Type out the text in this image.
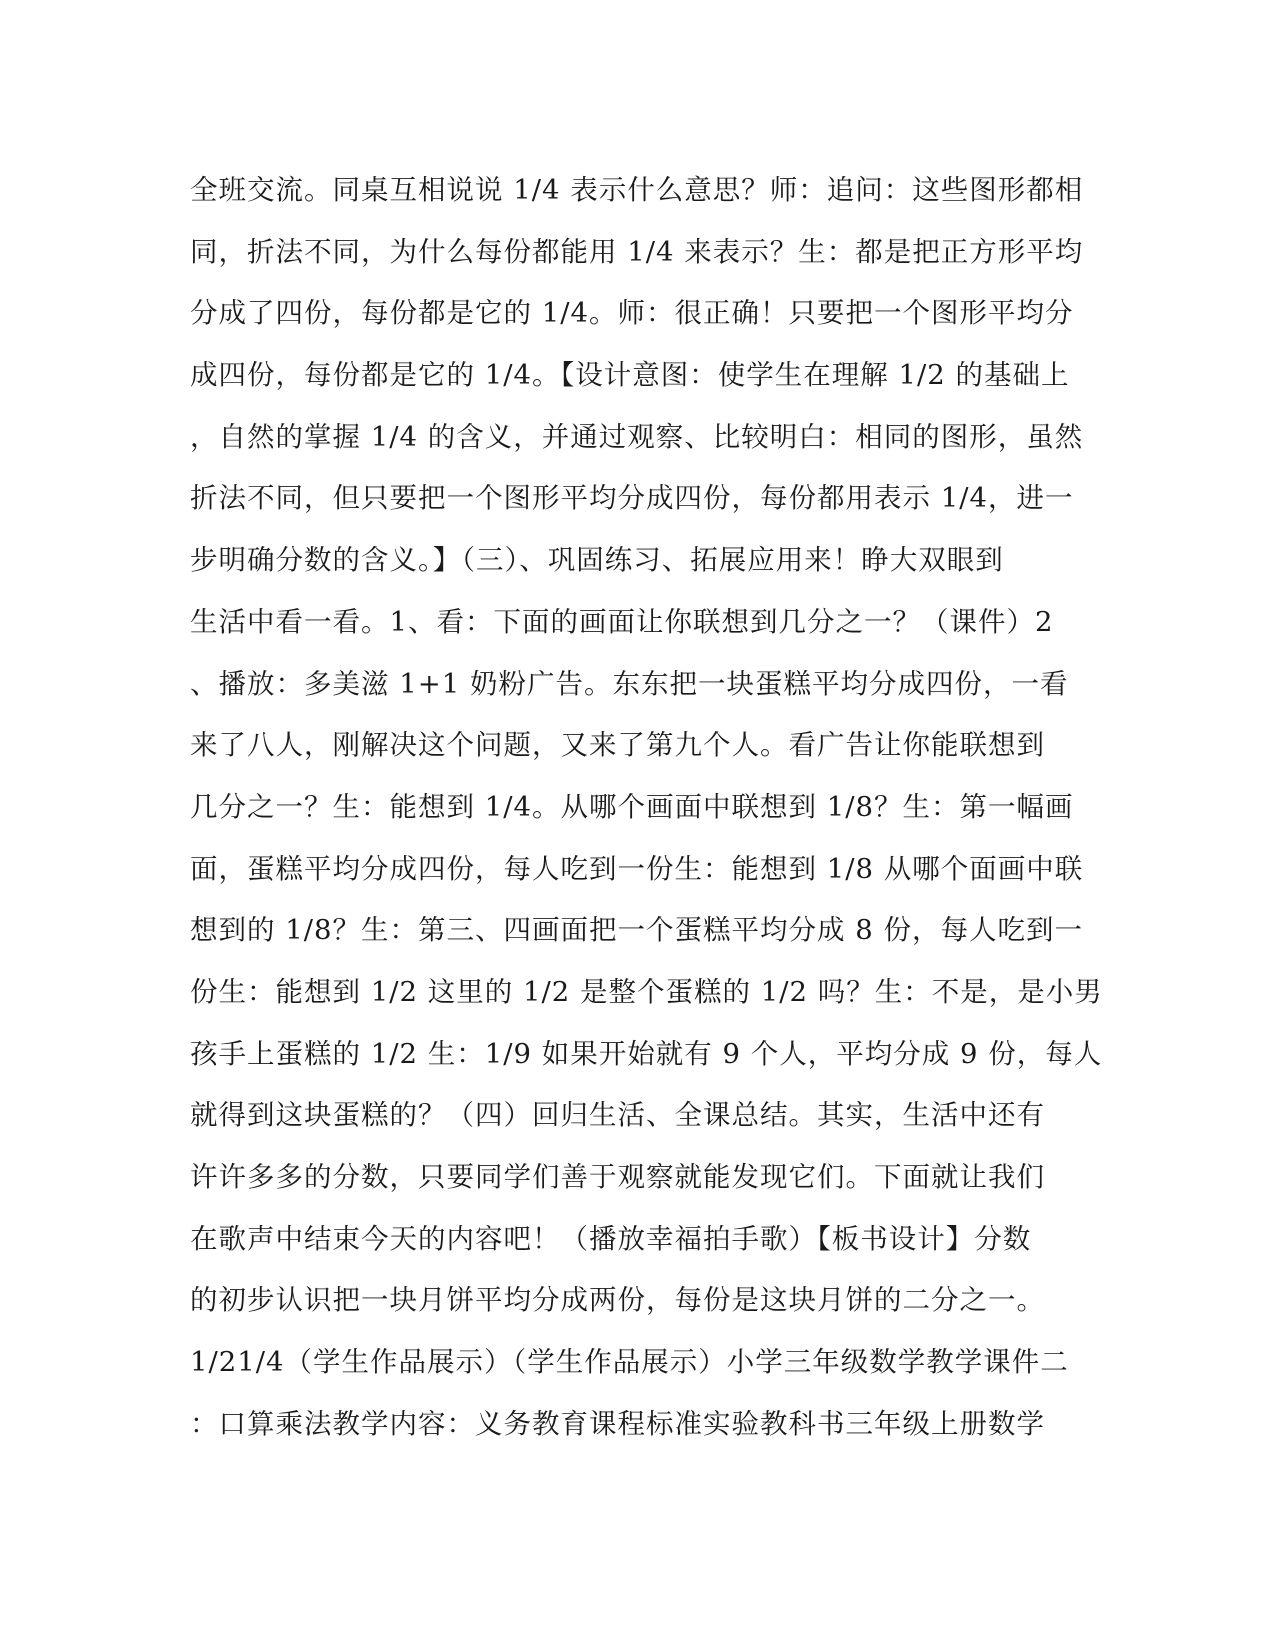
全班交流。同桌互相说说 1/4 表示什么意思？师：追问：这些图形都相
同，折法不同，为什么每份都能用 1/4 来表示？生：都是把正方形平均
分成了四份，每份都是它的 1/4。师：很正确！只要把一个图形平均分
成四份，每份都是它的 1/4。【设计意图：使学生在理解 1/2 的基础上
，自然的掌握 1/4 的含义，并通过观察、比较明白：相同的图形，虽然
折法不同，但只要把一个图形平均分成四份，每份都用表示 1/4，进一
步明确分数的含义。】（三）、巩固练习、拓展应用来！睁大双眼到
生活中看一看。1、看：下面的画面让你联想到几分之一？（课件）2
、播放：多美滋 1+1 奶粉广告。东东把一块蛋糕平均分成四份，一看
来了八人，刚解决这个问题，又来了第九个人。看广告让你能联想到
几分之一？生：能想到 1/4。从哪个画面中联想到 1/8？生：第一幅画
面，蛋糕平均分成四份，每人吃到一份生：能想到 1/8 从哪个面画中联
想到的 1/8？生：第三、四画面把一个蛋糕平均分成 8 份，每人吃到一
份生：能想到 1/2 这里的 1/2 是整个蛋糕的 1/2 吗？生：不是，是小男
孩手上蛋糕的 1/2 生：1/9 如果开始就有 9 个人，平均分成 9 份，每人
就得到这块蛋糕的？（四）回归生活、全课总结。其实，生活中还有
许许多多的分数，只要同学们善于观察就能发现它们。下面就让我们
在歌声中结束今天的内容吧！（播放幸福拍手歌）【板书设计】分数
的初步认识把一块月饼平均分成两份，每份是这块月饼的二分之一。
1/21/4（学生作品展示）（学生作品展示）小学三年级数学教学课件二
：口算乘法教学内容：义务教育课程标准实验教科书三年级上册数学
